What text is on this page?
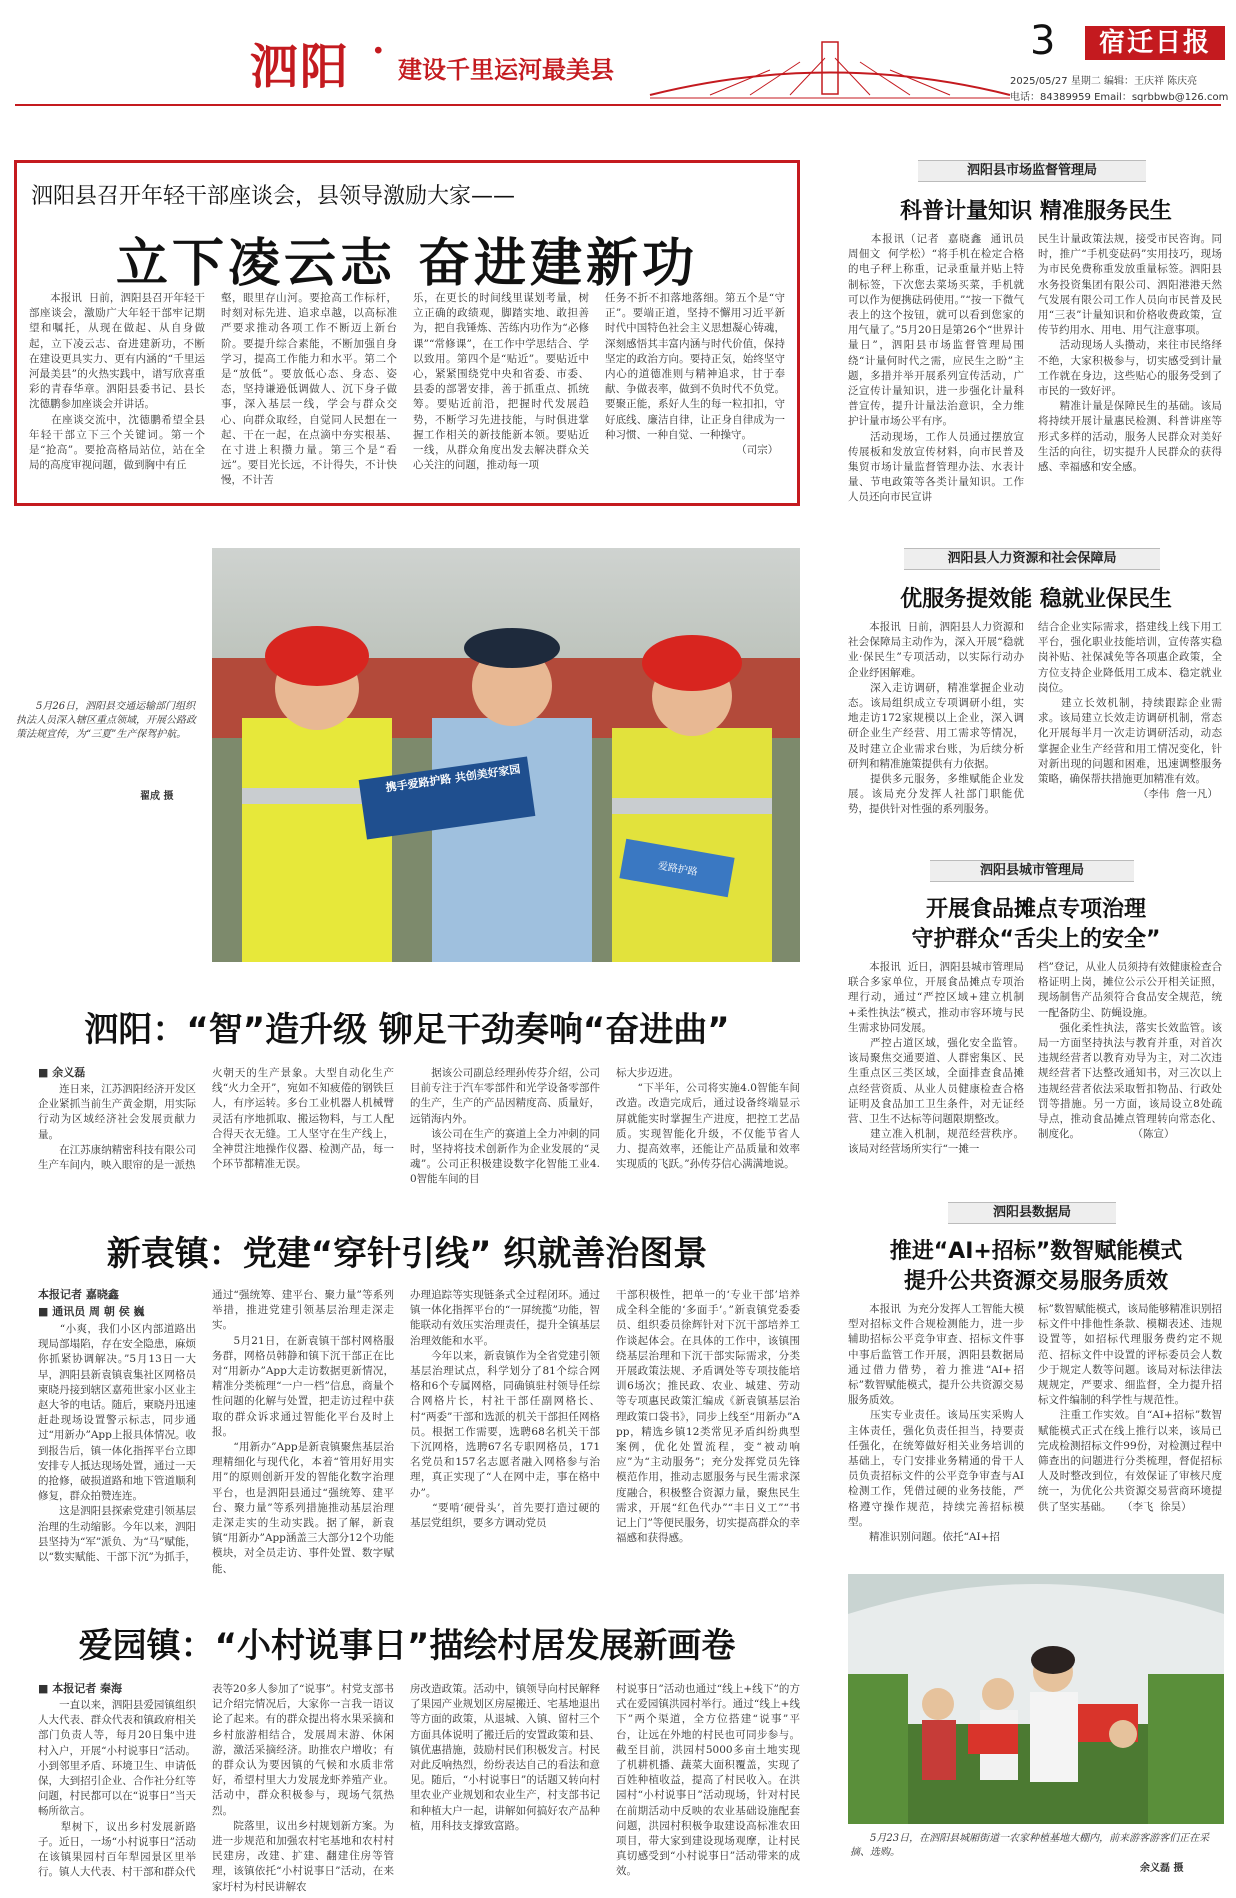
泗阳 · 建设千里运河最美县
3	宿迁日报
2025/05/27 星期二 编辑：王庆祥 陈庆亮
电话：84389959 Email：sqrbbwb@126.com
泗阳县召开年轻干部座谈会，县领导激励大家——
立下凌云志 奋进建新功
　　本报讯  日前，泗阳县召开年轻干部座谈会，激励广大年轻干部牢记期望和嘱托，从现在做起、从自身做起，立下凌云志、奋进建新功，不断在建设更具实力、更有内涵的“千里运河最美县”的火热实践中，谱写欣喜重彩的青春华章。泗阳县委书记、县长沈德鹏参加座谈会并讲话。
　　在座谈交流中，沈德鹏希望全县年轻干部立下三个关键词。第一个是“抢高”。要抢高格局站位，站在全局的高度审视问题，做到胸中有丘
壑，眼里存山河。要抢高工作标杆，时刻对标先进、追求卓越，以高标准严要求推动各项工作不断迈上新台阶。要提升综合素能，不断加强自身学习，提高工作能力和水平。第二个是“放低”。要放低心态、身态、姿态，坚持谦逊低调做人、沉下身子做事，深入基层一线，学会与群众交心、向群众取经，自觉同人民想在一起、干在一起，在点滴中夯实根基、在寸进上积攒力量。第三个是“看远”。要目光长远，不计得失，不计快慢，不计苦
乐，在更长的时间线里谋划考量，树立正确的政绩观，脚踏实地、敢担善为，把自我锤炼、苦练内功作为“必修课”“常修课”，在工作中学思结合、学以致用。第四个是“贴近”。要贴近中心，紧紧围绕党中央和省委、市委、县委的部署安排，善于抓重点、抓统筹。要贴近前沿，把握时代发展趋势，不断学习先进技能，与时俱进掌握工作相关的新技能新本领。要贴近一线，从群众角度出发去解决群众关心关注的问题，推动每一项
任务不折不扣落地落细。第五个是“守正”。要端正道，坚持不懈用习近平新时代中国特色社会主义思想凝心铸魂，深刻感悟其丰富内涵与时代价值，保持坚定的政治方向。要持正気，始终坚守内心的道德准则与精神追求，甘于奉献、争做表率，做到不负时代不负党。要聚正能，系好人生的每一粒扣扣，守好底线、廉洁自律，让正身自律成为一种习惯、一种自觉、一种操守。
　　　　　　　　　　　　　（司宗）
　　5月26日，泗阳县交通运输部门组织执法人员深入辖区重点领域，开展公路政策法规宣传，为“三夏”生产保驾护航。
翟成 摄
携手爱路护路 共创美好家园
爱路护路
泗阳：“智”造升级 铆足干劲奏响“奋进曲”
■ 余义磊
　　连日来，江苏泗阳经济开发区企业紧抓当前生产黄金期，用实际行动为区域经济社会发展贡献力量。
　　在江苏康纳精密科技有限公司生产车间内，映入眼帘的是一派热
火朝天的生产景象。大型自动化生产线“火力全开”，宛如不知疲倦的钢铁巨人，有序运转。多台工业机器人机械臂灵活有序地抓取、搬运物料，与工人配合得天衣无缝。工人坚守在生产线上，全神贯注地操作仪器、检测产品，每一个环节都精准无误。
　　据该公司副总经理孙传芬介绍，公司目前专注于汽车零部件和光学设备零部件的生产，生产的产品因精度高、质量好，远销海内外。
　　该公司在生产的赛道上全力冲刺的同时，坚持将技术创新作为企业发展的“灵魂”。公司正积极建设数字化智能工业4.0智能车间的目
标大步迈进。
　　“下半年，公司将实施4.0智能车间改造。改造完成后，通过设备终端显示屏就能实时掌握生产进度，把控工艺品质。实现智能化升级，不仅能节省人力、提高效率，还能让产品质量和效率实现质的飞跃。”孙传芬信心满满地说。
新袁镇：党建“穿针引线” 织就善治图景
本报记者 嘉晓鑫
■ 通讯员 周 朝 侯 巍
　　“小爽，我们小区内部道路出现局部塌陷，存在安全隐患，麻烦你抓紧协调解决。”5月13日一大早，泗阳县新袁镇袁集社区网格员柬晓丹接到辖区嘉苑世家小区业主赵大爷的电话。随后，柬晓丹迅速赶赴现场设置警示标志，同步通过“用新办”App上报具体情况。收到报告后，镇一体化指挥平台立即安排专人抵达现场处置，通过一天的抢修，破损道路和地下管道顺利修复，群众拍赞连连。
　　这是泗阳县探索党建引领基层治理的生动缩影。今年以来，泗阳县坚持为“军”派负、为“马”赋能，以“数实赋能、干部下沉”为抓手，
通过“强统筹、建平台、聚力量”等系列举措，推进党建引领基层治理走深走实。
　　5月21日，在新袁镇干部村网格服务群，网格员韩静和镇下沉干部正在比对“用新办”App大走访数据更新情况，精准分类梳理“一户一档”信息，商量个性问题的化解与处置，把走访过程中获取的群众诉求通过智能化平台及时上报。
　　“用新办”App是新袁镇聚焦基层治理精细化与现代化，本着“管用好用实用”的原则创新开发的智能化数字治理平台，也是泗阳县通过“强统筹、建平台、聚力量”等系列措施推动基层治理走深走实的生动实践。据了解，新袁镇“用新办”App涵盖三大部分12个功能模块，对全员走访、事件处置、数字赋能、
办理追踪等实现链条式全过程闭环。通过镇一体化指挥平台的“一屏统揽”功能，智能联动有效压实治理责任，提升全镇基层治理效能和水平。
　　今年以来，新袁镇作为全省党建引领基层治理试点，科学划分了81个综合网格和6个专属网格，同确镇驻村领导任综合网格片长，村社干部任副网格长、村“两委”干部和选派的机关干部担任网格员。根据工作需要，选聘68名机关干部下沉网格，选聘67名专职网格员，171名党员和157名志愿者融入网格参与治理，真正实现了“人在网中走，事在格中办”。
　　“要啃‘硬骨头’，首先要打造过硬的基层党组织，要多方调动党员
干部积极性，把单一的‘专业干部’培养成全科全能的‘多面手’。”新袁镇党委委员、组织委员徐辉针对下沉干部培养工作谈起体会。在具体的工作中，该镇围绕基层治理和下沉干部实际需求，分类开展政策法规、矛盾调处等专项技能培训6场次；推民政、农业、城建、劳动等专项惠民政策汇编成《新袁镇基层治理政策口袋书》，同步上线至“用新办”App，精选乡镇12类常见矛盾纠纷典型案例，优化处置流程，变“被动响应”为“主动服务”；充分发挥党员先锋模范作用，推动志愿服务与民生需求深度融合，积极整合资源力量，聚焦民生需求，开展“红色代办”“丰日义工”“书记上门”等便民服务，切实提高群众的幸福感和获得感。
爱园镇：“小村说事日”描绘村居发展新画卷
■ 本报记者 秦海
　　一直以来，泗阳县爱园镇组织人大代表、群众代表和镇政府相关部门负责人等，每月20日集中进村入户，开展“小村说事日”活动。小到邻里矛盾、环境卫生、申请低保，大到招引企业、合作社分红等问题，村民都可以在“说事日”当天畅所欲言。
　　犁树下，议出乡村发展新路子。近日，一场“小村说事日”活动在该镇果园村百年犁园景区里举行。镇人大代表、村干部和群众代
表等20多人参加了“说事”。村党支部书记介绍完情况后，大家你一言我一语议论了起来。有的群众提出将水果采摘和乡村旅游相结合，发展周末游、休闲游，激活采摘经济。助推农户增收；有的群众认为要因镇的气候和水质非常好，希望村里大力发展龙虾养殖产业。活动中，群众积极参与，现场气氛热烈。
　　院落里，议出乡村规划新方案。为进一步规范和加强农村宅基地和农村村民建房，改建、扩建、翻建住房等管理，该镇依托“小村说事日”活动，在来家圩村为村民讲解农
房改造政策。活动中，镇领导向村民解释了果园产业规划区房屋搬迁、宅基地退出等方面的政策，从退城、入镇、留村三个方面具体说明了搬迁后的安置政策和县、镇优惠措施，鼓励村民们积极发言。村民对此反响热烈，纷纷表达自己的看法和意见。随后，“小村说事日”的话题又转向村里农业产业规划和农业生产，村支部书记和种植大户一起，讲解如何搞好农产品种植，用科技支撑致富路。
村说事日”活动也通过“线上+线下”的方式在爱园镇洪园村举行。通过“线上+线下”两个渠道，全方位搭建“说事”平台，让远在外地的村民也可同步参与。截至目前，洪园村5000多亩土地实现了机耕机播、蔬菜大面积覆盖，实现了百姓种植收益，提高了村民收入。在洪园村“小村说事日”活动现场，针对村民在前期活动中反映的农业基础设施配套问题，洪园村积极争取建设高标准农田项目，带大家到建设现场观摩，让村民真切感受到“小村说事日”活动带来的成效。
泗阳县市场监督管理局
科普计量知识 精准服务民生
　　本报讯（记者  嘉晓鑫  通讯员  周佃文  何学松）“将手机在检定合格的电子秤上称重，记录重量并贴上特制标签，下次您去菜场买菜，手机就可以作为便携砝码使用。”“按一下微气表上的这个按钮，就可以看到您家的用气量了。”5月20日是第26个“世界计量日”，泗阳县市场监督管理局围绕“计量何时代之需，应民生之盼”主题，多措并举开展系列宣传活动，广泛宣传计量知识，进一步强化计量科普宣传，提升计量法治意识，全力维护计量市场公平有序。
　　活动现场，工作人员通过摆放宣传展板和发放宣传材料，向市民普及集贸市场计量监督管理办法、水表计量、节电政策等各类计量知识。工作人员还向市民宣讲
民生计量政策法规，接受市民咨询。同时，推广“手机变砝码”实用技巧，现场为市民免费称重发放重量标签。泗阳县水务投资集团有限公司、泗阳港港天然气发展有限公司工作人员向市民普及民用“三表”计量知识和价格收费政策，宣传节约用水、用电、用气注意事项。
　　活动现场人头攒动，来往市民络绎不绝，大家积极参与，切实感受到计量工作就在身边，这些贴心的服务受到了市民的一致好评。
　　精准计量是保障民生的基础。该局将持续开展计量惠民检测、科普讲座等形式多样的活动，服务人民群众对美好生活的向往，切实提升人民群众的获得感、幸福感和安全感。
泗阳县人力资源和社会保障局
优服务提效能 稳就业保民生
　　本报讯  日前，泗阳县人力资源和社会保障局主动作为，深入开展“稳就业·保民生”专项活动，以实际行动办企业纾困解难。
　　深入走访调研，精准掌握企业动态。该局组织成立专项调研小组，实地走访172家规模以上企业，深入调研企业生产经营、用工需求等情况，及时建立企业需求台账，为后续分析研判和精准施策提供有力依据。
　　提供多元服务，多维赋能企业发展。该局充分发挥人社部门职能优势，提供针对性强的系列服务。
结合企业实际需求，搭建线上线下用工平台，强化职业技能培训，宣传落实稳岗补贴、社保减免等各项惠企政策，全方位支持企业降低用工成本、稳定就业岗位。
　　建立长效机制，持续跟踪企业需求。该局建立长效走访调研机制，常态化开展每半月一次走访调研活动，动态掌握企业生产经营和用工情况变化，针对新出现的问题和困难，迅速调整服务策略，确保帮扶措施更加精准有效。
　　　　　　　　　　（李伟  詹一凡）
泗阳县城市管理局
开展食品摊点专项治理
守护群众“舌尖上的安全”
　　本报讯  近日，泗阳县城市管理局联合多家单位，开展食品摊点专项治理行动，通过“严控区域+建立机制+柔性执法”模式，推动市容环境与民生需求协同发展。
　　严控占道区域，强化安全监管。该局聚焦交通要道、人群密集区、民生重点区三类区域，全面排查食品摊点经营资质、从业人员健康检查合格证明及食品加工卫生条件，对无证经营、卫生不达标等问题限期整改。
　　建立准入机制，规范经营秩序。该局对经营场所实行“一摊一
档”登记，从业人员须持有效健康检查合格证明上岗，摊位公示公开相关证照，现场制售产品须符合食品安全规范，统一配备防尘、防蝇设施。
　　强化柔性执法，落实长效监管。该局一方面坚持执法与教育并重，对首次违规经营者以教育劝导为主，对二次违规经营者下达整改通知书，对三次以上违规经营者依法采取暂扣物品、行政处罚等措施。另一方面，该局设立8处疏导点，推动食品摊点管理转向常态化、制度化。　　　　　　（陈宣）
泗阳县数据局
推进“AI+招标”数智赋能模式
提升公共资源交易服务质效
　　本报讯  为充分发挥人工智能大模型对招标文件合规检测能力，进一步辅助招标公平竞争审查、招标文件事中事后监管工作开展，泗阳县数据局通过借力借势，着力推进“AI+招标”数智赋能模式，提升公共资源交易服务质效。
　　压实专业责任。该局压实采购人主体责任，强化负责任担当，持要责任强化，在统筹做好相关业务培训的基础上，专门安排业务精通的骨干人员负责招标文件的公平竞争审查与AI检测工作，凭借过硬的业务技能，严格遵守操作规范，持续完善招标模型。
　　精准识别问题。依托“AI+招
标”数智赋能模式，该局能够精准识别招标文件中排他性条款、模糊表述、违规设置等，如招标代理服务费约定不规范、招标文件中设置的评标委员会人数少于规定人数等问题。该局对标法律法规规定，严要求、细监督，全力提升招标文件编制的科学性与规范性。
　　注重工作实效。自“AI+招标”数智赋能模式正式在线上推行以来，该局已完成检测招标文件99份，对检测过程中筛查出的问题进行分类梳理，督促招标人及时整改到位，有效保证了审核尺度统一，为优化公共资源交易营商环境提供了坚实基础。　　（李飞  徐昊）
　　5月23日，在泗阳县城厢街道一农家种植基地大棚内，前来游客游客们正在采摘、选购。
余义磊 摄
